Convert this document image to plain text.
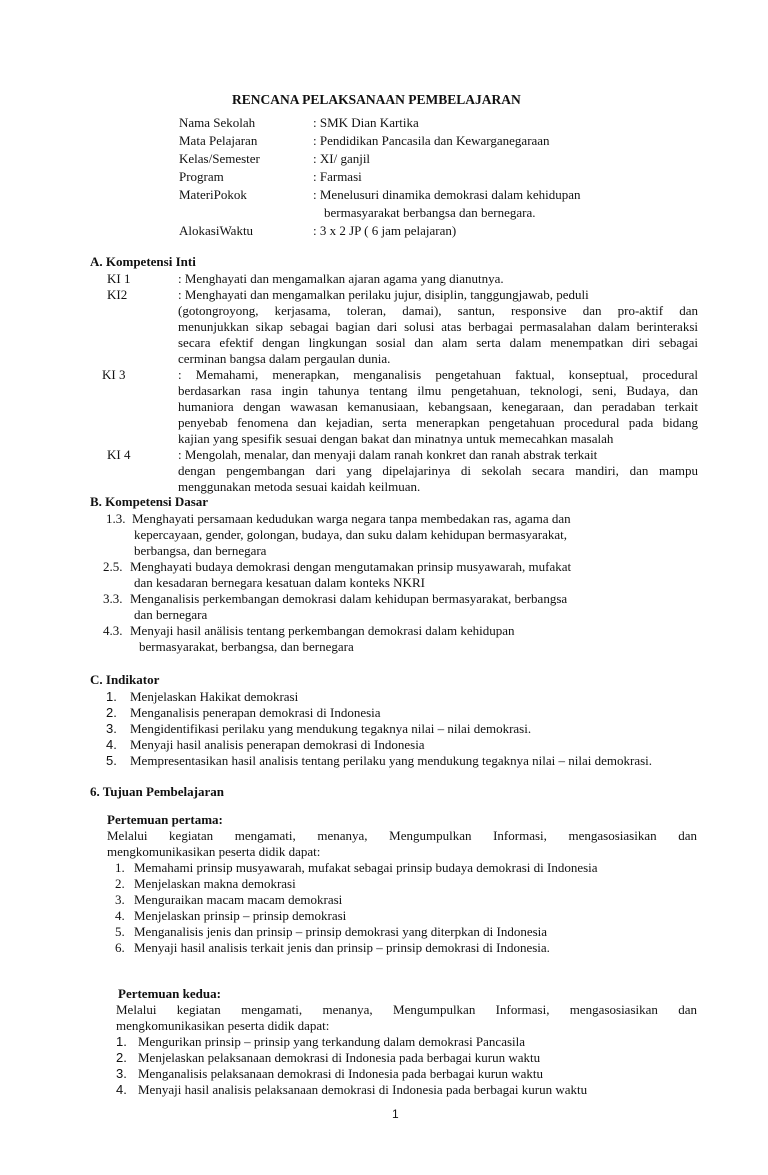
RENCANA PELAKSANAAN PEMBELAJARAN
Nama Sekolah	: SMK Dian Kartika
Mata Pelajaran	: Pendidikan Pancasila dan Kewarganegaraan
Kelas/Semester	: XI/ ganjil
Program	: Farmasi
MateriPokok	: Menelusuri dinamika demokrasi dalam kehidupan
bermasyarakat berbangsa dan bernegara.
AlokasiWaktu	: 3 x 2 JP ( 6 jam pelajaran)
A. Kompetensi Inti
KI 1	: Menghayati dan mengamalkan ajaran agama yang dianutnya.
KI2	: Menghayati dan mengamalkan perilaku jujur, disiplin, tanggungjawab, peduli
(gotongroyong, kerjasama, toleran, damai), santun, responsive dan pro-aktif dan
menunjukkan sikap sebagai bagian dari solusi atas berbagai permasalahan dalam berinteraksi
secara efektif dengan lingkungan sosial dan alam serta dalam menempatkan diri sebagai
cerminan bangsa dalam pergaulan dunia.
KI 3	: Memahami, menerapkan, menganalisis pengetahuan faktual, konseptual, procedural
berdasarkan rasa ingin tahunya tentang ilmu pengetahuan, teknologi, seni, Budaya, dan
humaniora dengan wawasan kemanusiaan, kebangsaan, kenegaraan, dan peradaban terkait
penyebab fenomena dan kejadian, serta menerapkan pengetahuan procedural pada bidang
kajian yang spesifik sesuai dengan bakat dan minatnya untuk memecahkan masalah
KI 4	: Mengolah, menalar, dan menyaji dalam ranah konkret dan ranah abstrak terkait
dengan pengembangan dari yang dipelajarinya di sekolah secara mandiri, dan mampu
menggunakan metoda sesuai kaidah keilmuan.
B. Kompetensi Dasar
1.3. Menghayati persamaan kedudukan warga negara tanpa membedakan ras, agama dan
kepercayaan, gender, golongan, budaya, dan suku dalam kehidupan bermasyarakat,
berbangsa, dan bernegara
2.5. Menghayati budaya demokrasi dengan mengutamakan prinsip musyawarah, mufakat
dan kesadaran bernegara kesatuan dalam konteks NKRI
3.3. Menganalisis perkembangan demokrasi dalam kehidupan bermasyarakat, berbangsa
dan bernegara
4.3. Menyaji hasil anälisis tentang perkembangan demokrasi dalam kehidupan
bermasyarakat, berbangsa, dan bernegara
C. Indikator
1. Menjelaskan Hakikat demokrasi
2. Menganalisis penerapan demokrasi di Indonesia
3. Mengidentifikasi perilaku yang mendukung tegaknya nilai – nilai demokrasi.
4. Menyaji hasil analisis penerapan demokrasi di Indonesia
5. Mempresentasikan hasil analisis tentang perilaku yang mendukung tegaknya nilai – nilai demokrasi.
6. Tujuan Pembelajaran
Pertemuan pertama:
Melalui kegiatan mengamati, menanya, Mengumpulkan Informasi, mengasosiasikan dan
mengkomunikasikan peserta didik dapat:
1. Memahami prinsip musyawarah, mufakat sebagai prinsip budaya demokrasi di Indonesia
2. Menjelaskan makna demokrasi
3. Menguraikan macam macam demokrasi
4. Menjelaskan prinsip – prinsip demokrasi
5. Menganalisis jenis dan prinsip – prinsip demokrasi yang diterpkan di Indonesia
6. Menyaji hasil analisis terkait jenis dan prinsip – prinsip demokrasi di Indonesia.
Pertemuan kedua:
Melalui kegiatan mengamati, menanya, Mengumpulkan Informasi, mengasosiasikan dan
mengkomunikasikan peserta didik dapat:
1. Mengurikan prinsip – prinsip yang terkandung dalam demokrasi Pancasila
2. Menjelaskan pelaksanaan demokrasi di Indonesia pada berbagai kurun waktu
3. Menganalisis pelaksanaan demokrasi di Indonesia pada berbagai kurun waktu
4. Menyaji hasil analisis pelaksanaan demokrasi di Indonesia pada berbagai kurun waktu
1
